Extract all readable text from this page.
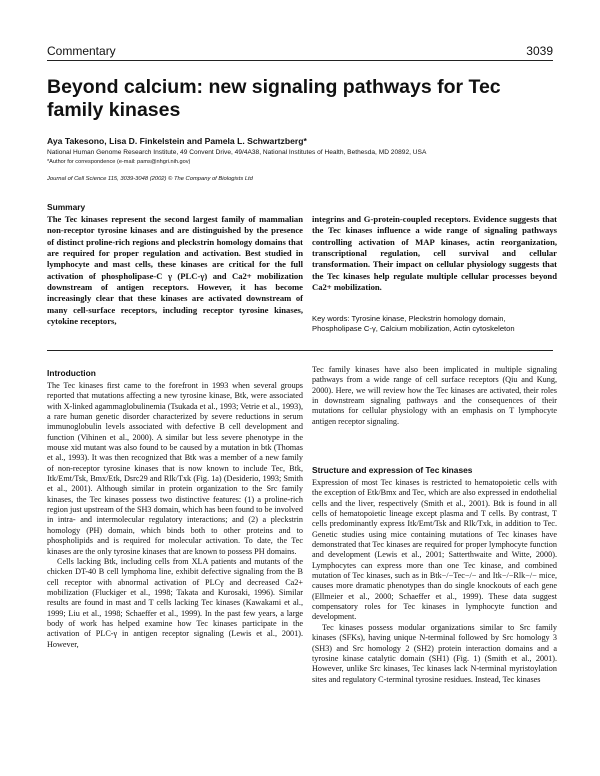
Commentary	3039
Beyond calcium: new signaling pathways for Tec family kinases
Aya Takesono, Lisa D. Finkelstein and Pamela L. Schwartzberg*
National Human Genome Research Institute, 49 Convent Drive, 49/4A38, National Institutes of Health, Bethesda, MD 20892, USA
*Author for correspondence (e-mail: pams@nhgri.nih.gov)
Journal of Cell Science 115, 3039-3048 (2002) © The Company of Biologists Ltd
Summary
The Tec kinases represent the second largest family of mammalian non-receptor tyrosine kinases and are distinguished by the presence of distinct proline-rich regions and pleckstrin homology domains that are required for proper regulation and activation. Best studied in lymphocyte and mast cells, these kinases are critical for the full activation of phospholipase-C γ (PLC-γ) and Ca2+ mobilization downstream of antigen receptors. However, it has become increasingly clear that these kinases are activated downstream of many cell-surface receptors, including receptor tyrosine kinases, cytokine receptors,
integrins and G-protein-coupled receptors. Evidence suggests that the Tec kinases influence a wide range of signaling pathways controlling activation of MAP kinases, actin reorganization, transcriptional regulation, cell survival and cellular transformation. Their impact on cellular physiology suggests that the Tec kinases help regulate multiple cellular processes beyond Ca2+ mobilization.
Key words: Tyrosine kinase, Pleckstrin homology domain, Phospholipase C-γ, Calcium mobilization, Actin cytoskeleton
Introduction

The Tec kinases first came to the forefront in 1993 when several groups reported that mutations affecting a new tyrosine kinase, Btk, were associated with X-linked agammaglobulinemia (Tsukada et al., 1993; Vetrie et al., 1993), a rare human genetic disorder characterized by severe reductions in serum immunoglobulin levels associated with defective B cell development and function (Vihinen et al., 2000). A similar but less severe phenotype in the mouse xid mutant was also found to be caused by a mutation in btk (Thomas et al., 1993). It was then recognized that Btk was a member of a new family of non-receptor tyrosine kinases that is now known to include Tec, Btk, Itk/Emt/Tsk, Bmx/Etk, Dsrc29 and Rlk/Txk (Fig. 1a) (Desiderio, 1993; Smith et al., 2001). Although similar in protein organization to the Src family kinases, the Tec kinases possess two distinctive features: (1) a proline-rich region just upstream of the SH3 domain, which has been found to be involved in intra- and intermolecular regulatory interactions; and (2) a pleckstrin homology (PH) domain, which binds both to other proteins and to phospholipids and is required for molecular activation. To date, the Tec kinases are the only tyrosine kinases that are known to possess PH domains.

Cells lacking Btk, including cells from XLA patients and mutants of the chicken DT-40 B cell lymphoma line, exhibit defective signaling from the B cell receptor with abnormal activation of PLCγ and decreased Ca2+ mobilization (Fluckiger et al., 1998; Takata and Kurosaki, 1996). Similar results are found in mast and T cells lacking Tec kinases (Kawakami et al., 1999; Liu et al., 1998; Schaeffer et al., 1999). In the past few years, a large body of work has helped examine how Tec kinases participate in the activation of PLC-γ in antigen receptor signaling (Lewis et al., 2001). However,

Tec family kinases have also been implicated in multiple signaling pathways from a wide range of cell surface receptors (Qiu and Kung, 2000). Here, we will review how the Tec kinases are activated, their roles in downstream signaling pathways and the consequences of their mutations for cellular physiology with an emphasis on T lymphocyte antigen receptor signaling.

Structure and expression of Tec kinases

Expression of most Tec kinases is restricted to hematopoietic cells with the exception of Etk/Bmx and Tec, which are also expressed in endothelial cells and the liver, respectively (Smith et al., 2001). Btk is found in all cells of hematopoietic lineage except plasma and T cells. By contrast, T cells predominantly express Itk/Emt/Tsk and Rlk/Txk, in addition to Tec. Genetic studies using mice containing mutations of Tec kinases have demonstrated that Tec kinases are required for proper lymphocyte function and development (Lewis et al., 2001; Satterthwaite and Witte, 2000). Lymphocytes can express more than one Tec kinase, and combined mutation of Tec kinases, such as in Btk−/−Tec−/− and Itk−/−Rlk−/− mice, causes more dramatic phenotypes than do single knockouts of each gene (Ellmeier et al., 2000; Schaeffer et al., 1999). These data suggest compensatory roles for Tec kinases in lymphocyte function and development.

Tec kinases possess modular organizations similar to Src family kinases (SFKs), having unique N-terminal followed by Src homology 3 (SH3) and Src homology 2 (SH2) protein interaction domains and a tyrosine kinase catalytic domain (SH1) (Fig. 1) (Smith et al., 2001). However, unlike Src kinases, Tec kinases lack N-terminal myristoylation sites and regulatory C-terminal tyrosine residues. Instead, Tec kinases
